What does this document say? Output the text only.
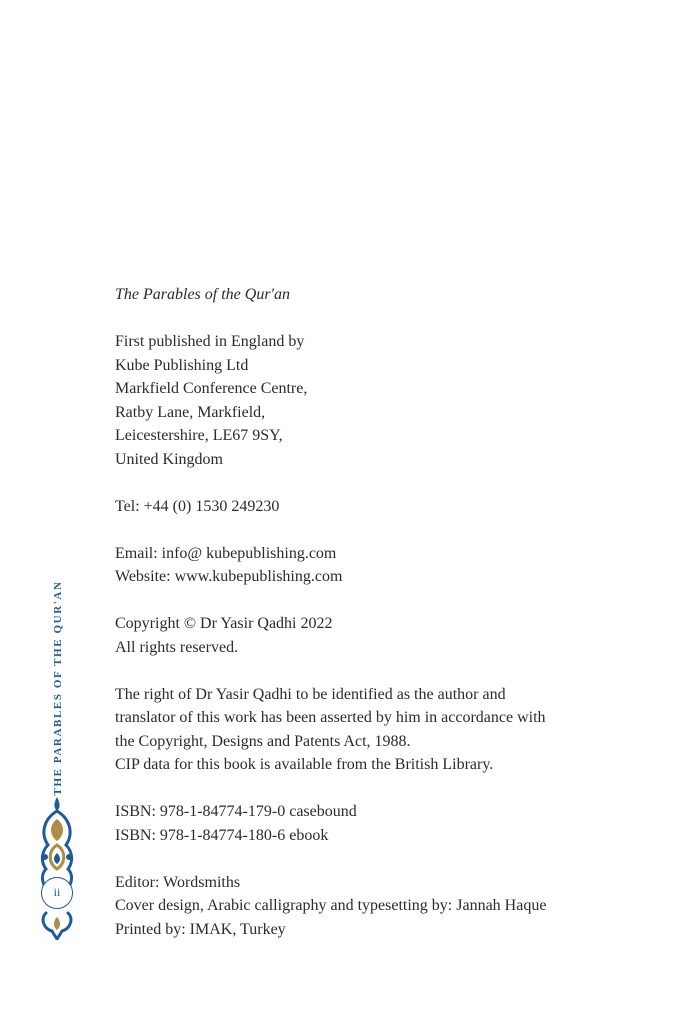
THE PARABLES OF THE QUR'AN
ii

The Parables of the Qur'an

First published in England by
Kube Publishing Ltd
Markfield Conference Centre,
Ratby Lane, Markfield,
Leicestershire, LE67 9SY,
United Kingdom

Tel: +44 (0) 1530 249230

Email: info@ kubepublishing.com
Website: www.kubepublishing.com

Copyright © Dr Yasir Qadhi 2022
All rights reserved.

The right of Dr Yasir Qadhi to be identified as the author and
translator of this work has been asserted by him in accordance with
the Copyright, Designs and Patents Act, 1988.
CIP data for this book is available from the British Library.

ISBN: 978-1-84774-179-0 casebound
ISBN: 978-1-84774-180-6 ebook

Editor: Wordsmiths
Cover design, Arabic calligraphy and typesetting by: Jannah Haque
Printed by: IMAK, Turkey
